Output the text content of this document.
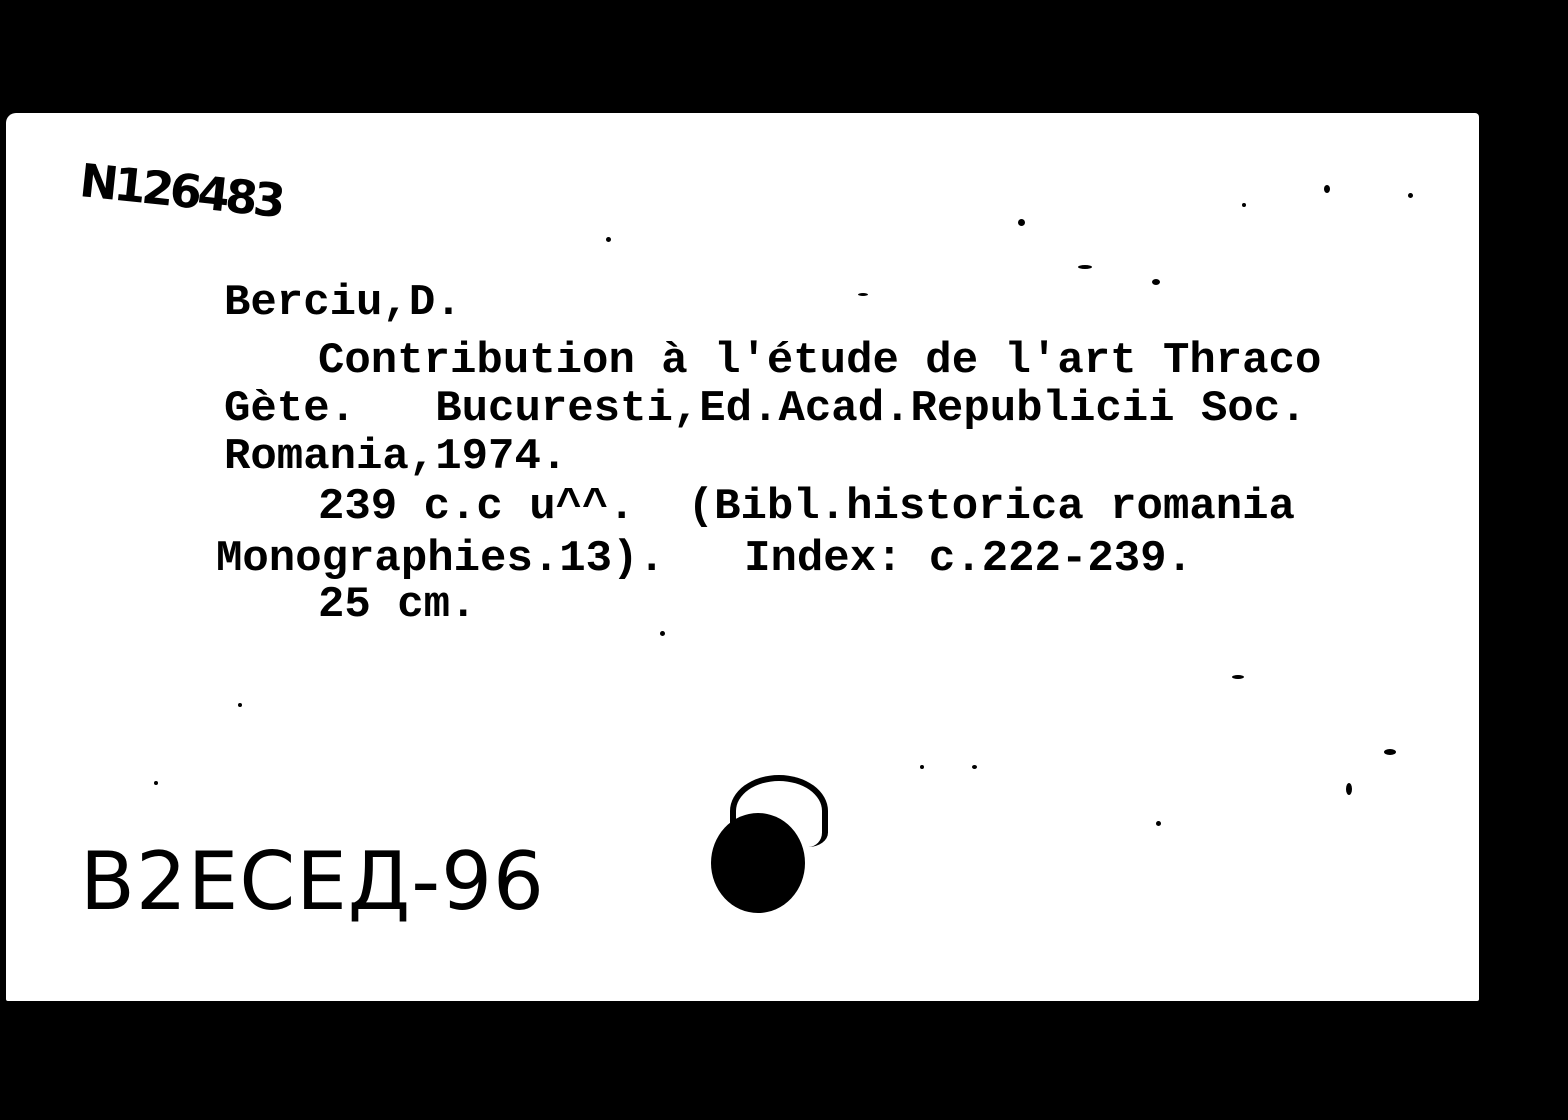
N126483
Berciu,D.
Contribution à l'étude de l'art Thraco
Gète.   Bucuresti,Ed.Acad.Republicii Soc.
Romania,1974.
239 c.c u^^.  (Bibl.historica romania
Monographies.13).   Index: c.222-239.
25 cm.
B2ECEД-96
